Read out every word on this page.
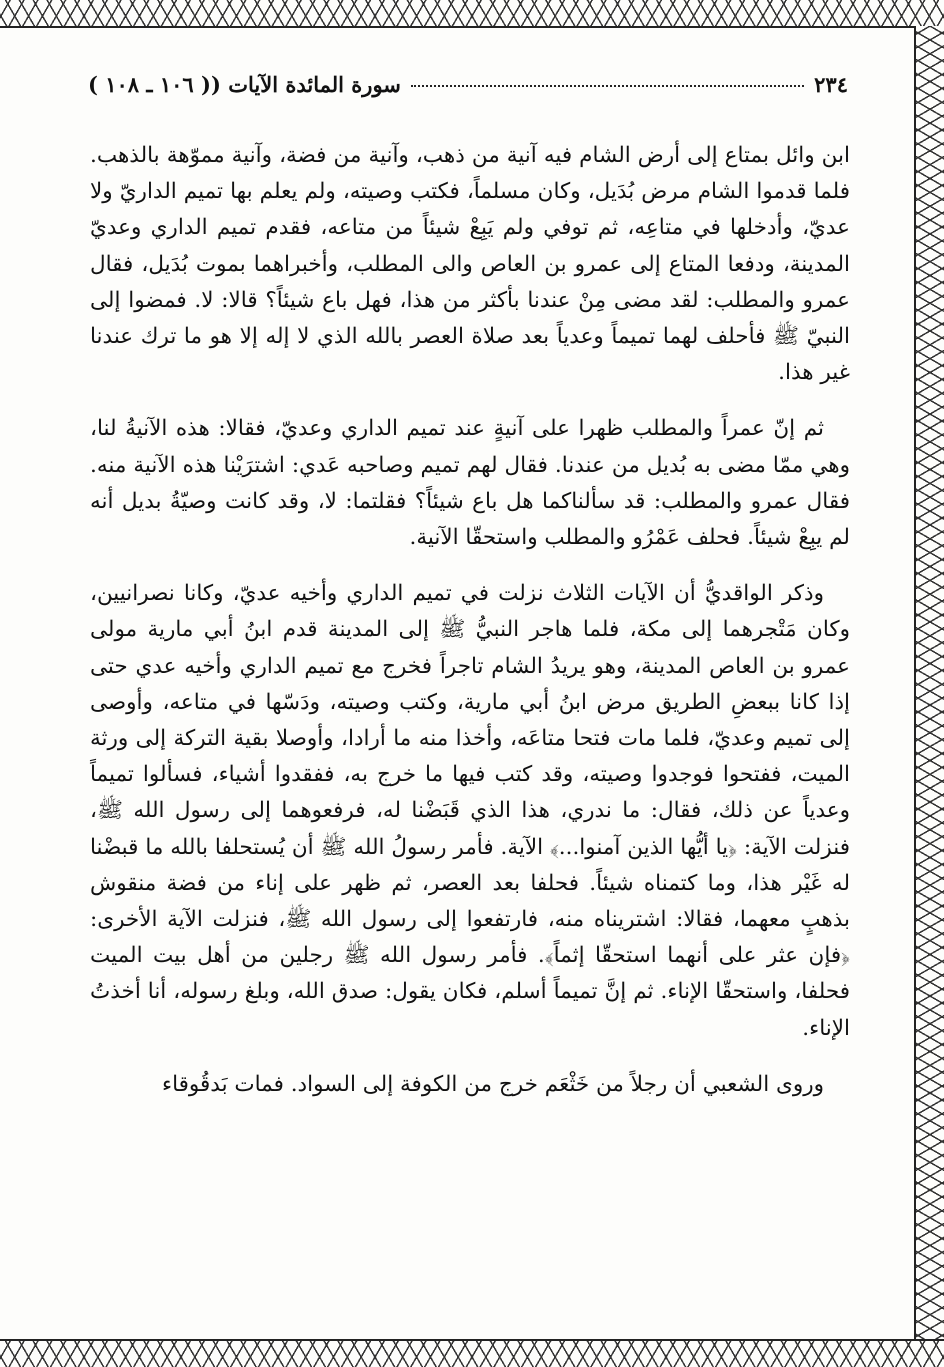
٢٣٤
سورة المائدة الآيات (( ١٠٦ ـ ١٠٨ )

ابن وائل بمتاع إلى أرض الشام فيه آنية من ذهب، وآنية من فضة، وآنية مموّهة بالذهب. فلما قدموا الشام مرض بُدَيل، وكان مسلماً، فكتب وصيته، ولم يعلم بها تميم الداريّ ولا عديّ، وأدخلها في متاعِه، ثم توفي ولم يَبِعْ شيئاً من متاعه، فقدم تميم الداري وعديّ المدينة، ودفعا المتاع إلى عمرو بن العاص والى المطلب، وأخبراهما بموت بُدَيل، فقال عمرو والمطلب: لقد مضى مِنْ عندنا بأكثر من هذا، فهل باع شيئاً؟ قالا: لا. فمضوا إلى النبيّ ﷺ فأحلف لهما تميماً وعدياً بعد صلاة العصر بالله الذي لا إله إلا هو ما ترك عندنا غير هذا.

ثم إنّ عمراً والمطلب ظهرا على آنيةٍ عند تميم الداري وعديّ، فقالا: هذه الآنيةُ لنا، وهي ممّا مضى به بُديل من عندنا. فقال لهم تميم وصاحبه عَدي: اشترَيْنا هذه الآنية منه. فقال عمرو والمطلب: قد سألناكما هل باع شيئاً؟ فقلتما: لا، وقد كانت وصيّةُ بديل أنه لم يبِعْ شيئاً. فحلف عَمْرُو والمطلب واستحقّا الآنية.

وذكر الواقديُّ أن الآيات الثلاث نزلت في تميم الداري وأخيه عديّ، وكانا نصرانيين، وكان مَتْجرهما إلى مكة، فلما هاجر النبيُّ ﷺ إلى المدينة قدم ابنُ أبي مارية مولى عمرو بن العاص المدينة، وهو يريدُ الشام تاجراً فخرج مع تميم الداري وأخيه عدي حتى إذا كانا ببعضِ الطريق مرض ابنُ أبي مارية، وكتب وصيته، ودَسّها في متاعه، وأوصى إلى تميم وعديّ، فلما مات فتحا متاعَه، وأخذا منه ما أرادا، وأوصلا بقية التركة إلى ورثة الميت، ففتحوا فوجدوا وصيته، وقد كتب فيها ما خرج به، ففقدوا أشياء، فسألوا تميماً وعدياً عن ذلك، فقال: ما ندري، هذا الذي قَبَضْنا له، فرفعوهما إلى رسول الله ﷺ، فنزلت الآية: ﴿يا أيُّها الذين آمنوا...﴾ الآية. فأمر رسولُ الله ﷺ أن يُستحلفا بالله ما قبضْنا له غَيْر هذا، وما كتمناه شيئاً. فحلفا بعد العصر، ثم ظهر على إناء من فضة منقوش بذهبٍ معهما، فقالا: اشتريناه منه، فارتفعوا إلى رسول الله ﷺ، فنزلت الآية الأخرى: ﴿فإن عثر على أنهما استحقّا إثماً﴾. فأمر رسول الله ﷺ رجلين من أهل بيت الميت فحلفا، واستحقّا الإناء. ثم إنَّ تميماً أسلم، فكان يقول: صدق الله، وبلغ رسوله، أنا أخذتُ الإناء.

وروى الشعبي أن رجلاً من خَثْعَم خرج من الكوفة إلى السواد. فمات بَدقُوقاء
